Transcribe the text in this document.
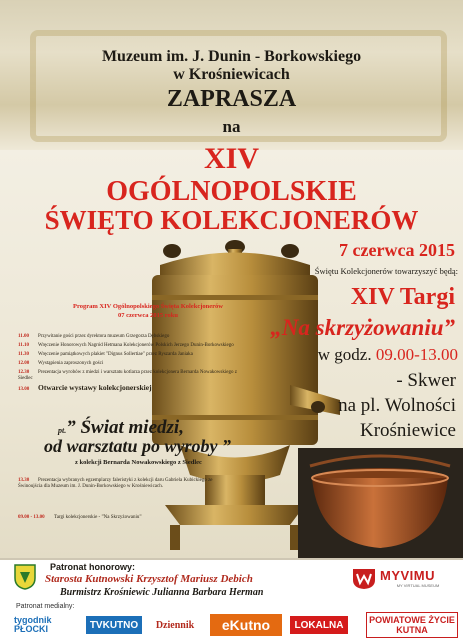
Muzeum im. J. Dunin - Borkowskiego
w Krośniewicach
ZAPRASZA
na
XIV
OGÓLNOPOLSKIE
ŚWIĘTO KOLEKCJONERÓW
7 czerwca 2015
Świętu Kolekcjonerów towarzyszyć będą:
XIV Targi
„Na skrzyżowaniu”
w godz. 09.00-13.00
- Skwer
na pl. Wolności
Krośniewice
Program XIV Ogólnopolskiego Święta Kolekcjonerów
07 czerwca 2015 roku
11.00 Przywitanie gości przez dyrektora muzeum Grzegorza Dębskiego
11.10 Wręczenie Honorowych Nagród Hetmana Kolekcjonerów Polskich Jerzego Dunin-Borkowskiego
11.30 Wręczenie pamiątkowych plakiet "Dignus Sollertiae" przez Ryszarda Janiaka
12.00 Wystąpienia zaproszonych gości
12.30 Prezentacja wyrobów z miedzi i warsztatu kotlarza przez kolekcjonera Bernarda Nowakowskiego z Siedlec
13.00 Otwarcie wystawy kolekcjonerskiej
pt.” Świat miedzi,
od warsztatu po wyroby ”
z kolekcji Bernarda Nowakowskiego z Siedlec
13.30 Prezentacja wybranych egzemplarzy faleristyki z kolekcji daru Gabriela Kubickiego ze Świnoujścia dla Muzeum im. J. Dunin-Borkowskiego w Krośniewicach.
09.00 - 13.00 Targi kolekcjonerskie - ”Na Skrzyżowaniu”
Patronat honorowy:
Starosta Kutnowski Krzysztof Mariusz Debich
Burmistrz Krośniewic Julianna Barbara Herman
MYVIMU
MY VIRTUAL MUSEUM
Patronat medialny:
tygodnik PŁOCKI	TVKUTNO	Dziennik	eKutno	LOKALNA	POWIATOWE ŻYCIE KUTNA
